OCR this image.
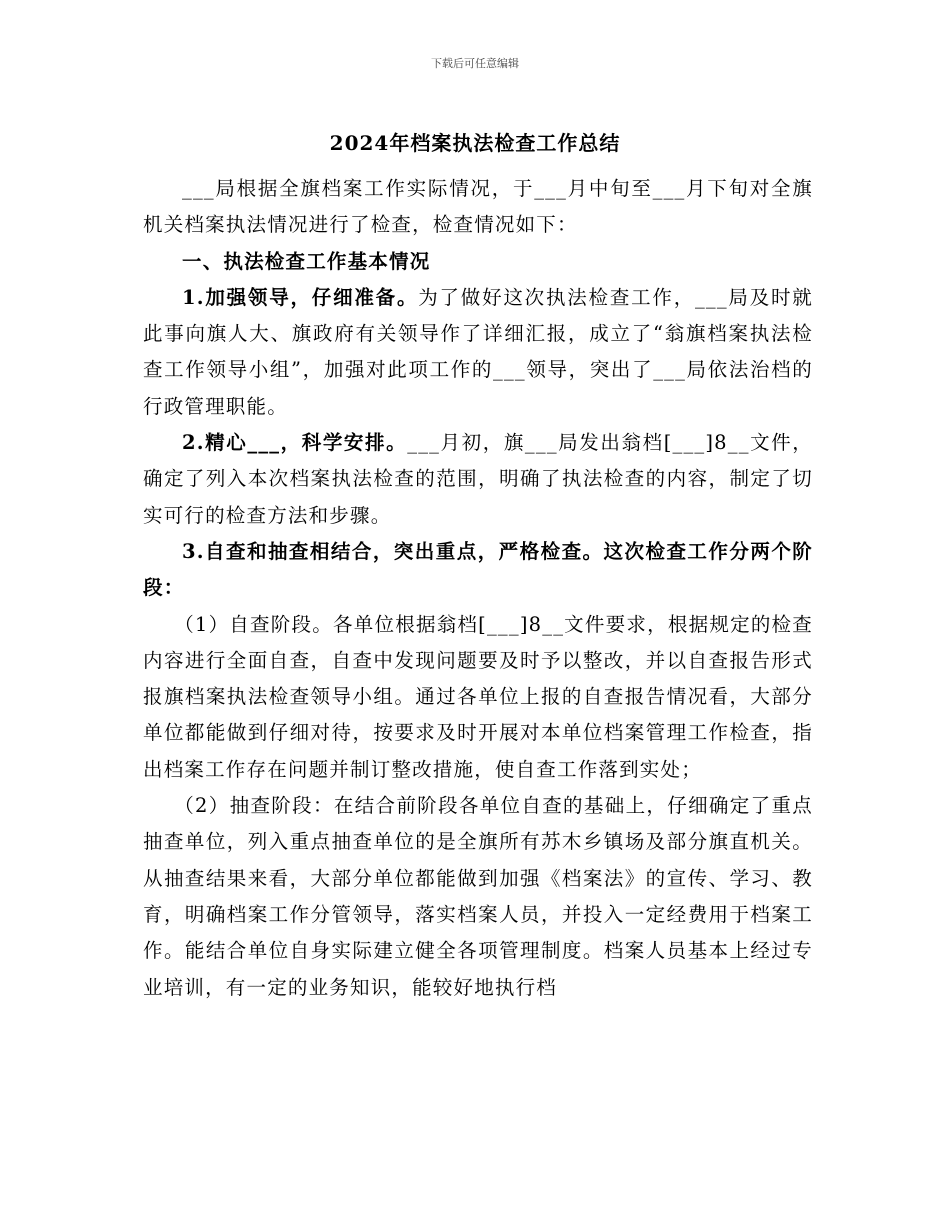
下载后可任意编辑
2024年档案执法检查工作总结

___局根据全旗档案工作实际情况，于___月中旬至___月下旬对全旗机关档案执法情况进行了检查，检查情况如下：

一、执法检查工作基本情况

1.加强领导，仔细准备。为了做好这次执法检查工作，___局及时就此事向旗人大、旗政府有关领导作了详细汇报，成立了“翁旗档案执法检查工作领导小组”，加强对此项工作的___领导，突出了___局依法治档的行政管理职能。

2.精心___，科学安排。___月初，旗___局发出翁档[___]8__文件，确定了列入本次档案执法检查的范围，明确了执法检查的内容，制定了切实可行的检查方法和步骤。

3.自查和抽查相结合，突出重点，严格检查。这次检查工作分两个阶段：

（1）自查阶段。各单位根据翁档[___]8__文件要求，根据规定的检查内容进行全面自查，自查中发现问题要及时予以整改，并以自查报告形式报旗档案执法检查领导小组。通过各单位上报的自查报告情况看，大部分单位都能做到仔细对待，按要求及时开展对本单位档案管理工作检查，指出档案工作存在问题并制订整改措施，使自查工作落到实处；

（2）抽查阶段：在结合前阶段各单位自查的基础上，仔细确定了重点抽查单位，列入重点抽查单位的是全旗所有苏木乡镇场及部分旗直机关。从抽查结果来看，大部分单位都能做到加强《档案法》的宣传、学习、教育，明确档案工作分管领导，落实档案人员，并投入一定经费用于档案工作。能结合单位自身实际建立健全各项管理制度。档案人员基本上经过专业培训，有一定的业务知识，能较好地执行档
